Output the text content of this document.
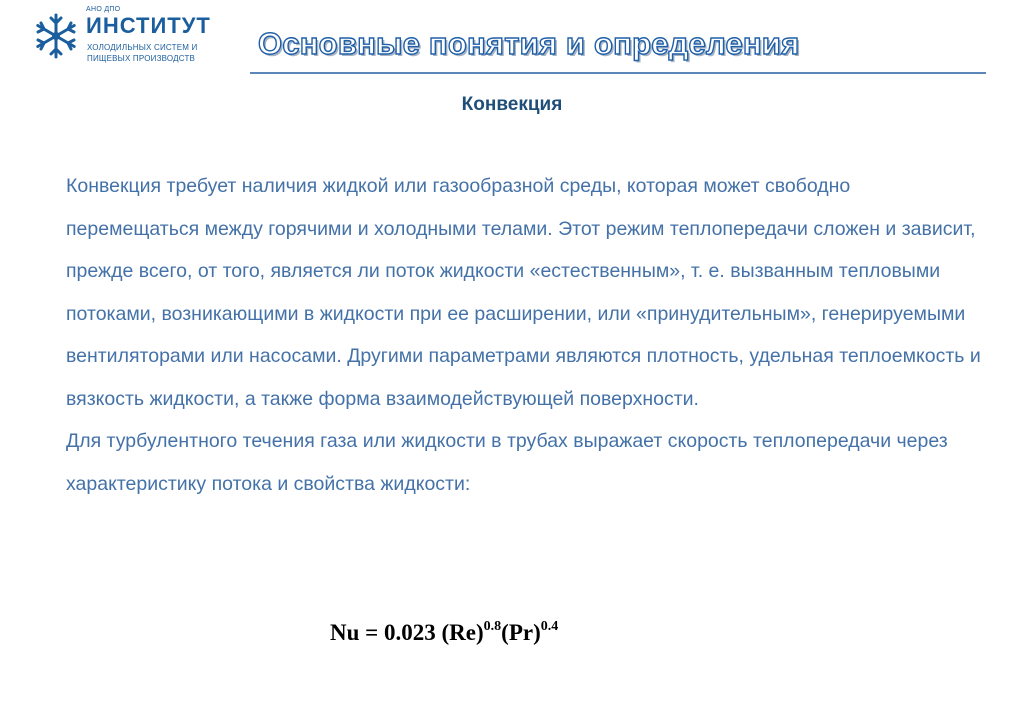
АНО ДПО
ИНСТИТУТ
ХОЛОДИЛЬНЫХ СИСТЕМ И
ПИЩЕВЫХ ПРОИЗВОДСТВ Основные понятия и определения
Конвекция

Конвекция требует наличия жидкой или газообразной среды, которая может свободно перемещаться между горячими и холодными телами. Этот режим теплопередачи сложен и зависит, прежде всего, от того, является ли поток жидкости «естественным», т. е. вызванным тепловыми потоками, возникающими в жидкости при ее расширении, или «принудительным», генерируемыми вентиляторами или насосами. Другими параметрами являются плотность, удельная теплоемкость и вязкость жидкости, а также форма взаимодействующей поверхности.

Для турбулентного течения газа или жидкости в трубах выражает скорость теплопередачи через характеристику потока и свойства жидкости:

Nu = 0.023 $(Re)^{0.8}(Pr)^{0.4}$
